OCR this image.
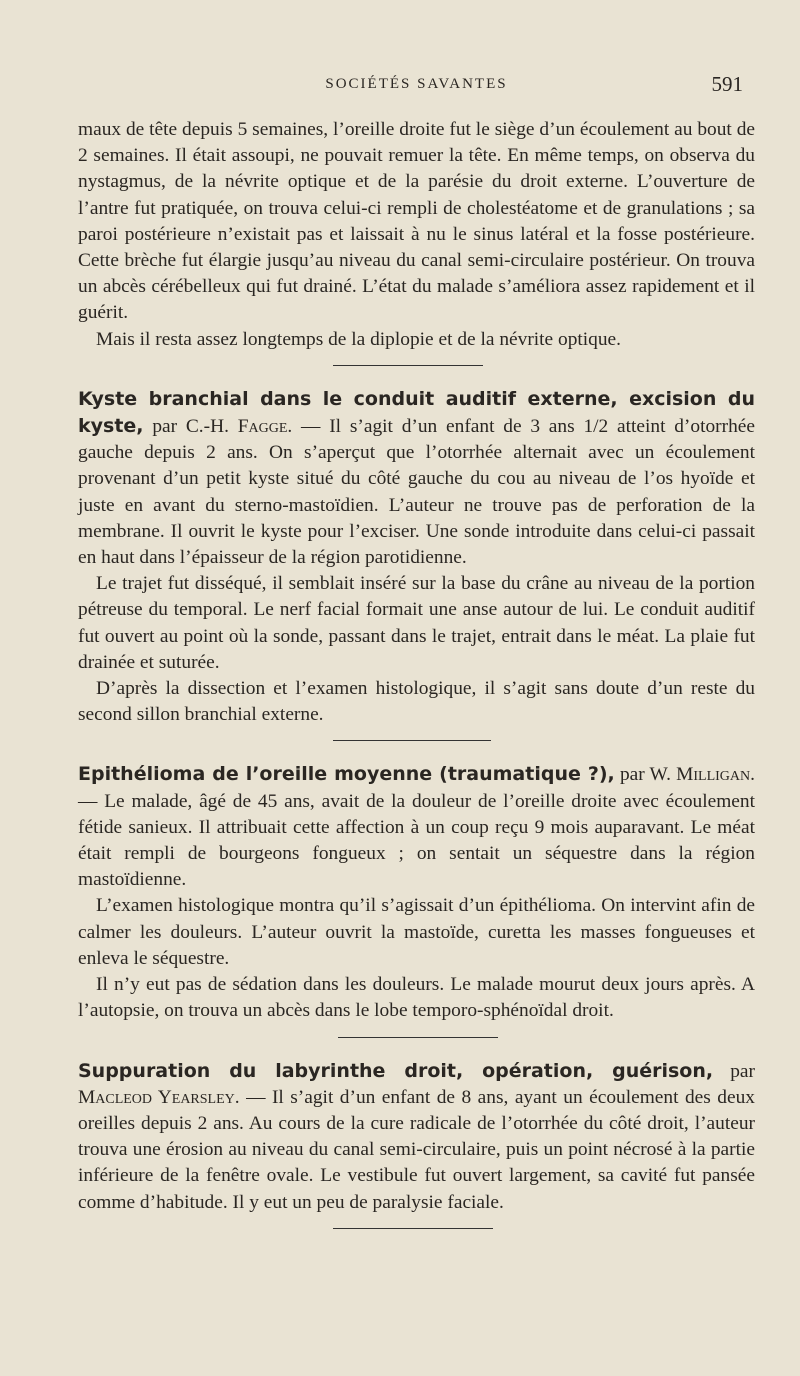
SOCIÉTÉS SAVANTES	591

maux de tête depuis 5 semaines, l’oreille droite fut le siège d’un écoulement au bout de 2 semaines. Il était assoupi, ne pouvait remuer la tête. En même temps, on observa du nystagmus, de la névrite optique et de la parésie du droit externe. L’ouverture de l’antre fut pratiquée, on trouva celui-ci rempli de cholestéatome et de granulations ; sa paroi postérieure n’existait pas et laissait à nu le sinus latéral et la fosse postérieure. Cette brèche fut élargie jusqu’au niveau du canal semi-circulaire postérieur. On trouva un abcès cérébelleux qui fut drainé. L’état du malade s’améliora assez rapidement et il guérit.

Mais il resta assez longtemps de la diplopie et de la névrite optique.

Kyste branchial dans le conduit auditif externe, excision du kyste, par C.-H. Fagge. — Il s’agit d’un enfant de 3 ans 1/2 atteint d’otorrhée gauche depuis 2 ans. On s’aperçut que l’otorrhée alternait avec un écoulement provenant d’un petit kyste situé du côté gauche du cou au niveau de l’os hyoïde et juste en avant du sterno-mastoïdien. L’auteur ne trouve pas de perforation de la membrane. Il ouvrit le kyste pour l’exciser. Une sonde introduite dans celui-ci passait en haut dans l’épaisseur de la région parotidienne.

Le trajet fut disséqué, il semblait inséré sur la base du crâne au niveau de la portion pétreuse du temporal. Le nerf facial formait une anse autour de lui. Le conduit auditif fut ouvert au point où la sonde, passant dans le trajet, entrait dans le méat. La plaie fut drainée et suturée.

D’après la dissection et l’examen histologique, il s’agit sans doute d’un reste du second sillon branchial externe.

Epithélioma de l’oreille moyenne (traumatique ?), par W. Milligan. — Le malade, âgé de 45 ans, avait de la douleur de l’oreille droite avec écoulement fétide sanieux. Il attribuait cette affection à un coup reçu 9 mois auparavant. Le méat était rempli de bourgeons fongueux ; on sentait un séquestre dans la région mastoïdienne.

L’examen histologique montra qu’il s’agissait d’un épithélioma. On intervint afin de calmer les douleurs. L’auteur ouvrit la mastoïde, curetta les masses fongueuses et enleva le séquestre.

Il n’y eut pas de sédation dans les douleurs. Le malade mourut deux jours après. A l’autopsie, on trouva un abcès dans le lobe temporo-sphénoïdal droit.

Suppuration du labyrinthe droit, opération, guérison, par Macleod Yearsley. — Il s’agit d’un enfant de 8 ans, ayant un écoulement des deux oreilles depuis 2 ans. Au cours de la cure radicale de l’otorrhée du côté droit, l’auteur trouva une érosion au niveau du canal semi-circulaire, puis un point nécrosé à la partie inférieure de la fenêtre ovale. Le vestibule fut ouvert largement, sa cavité fut pansée comme d’habitude. Il y eut un peu de paralysie faciale.
